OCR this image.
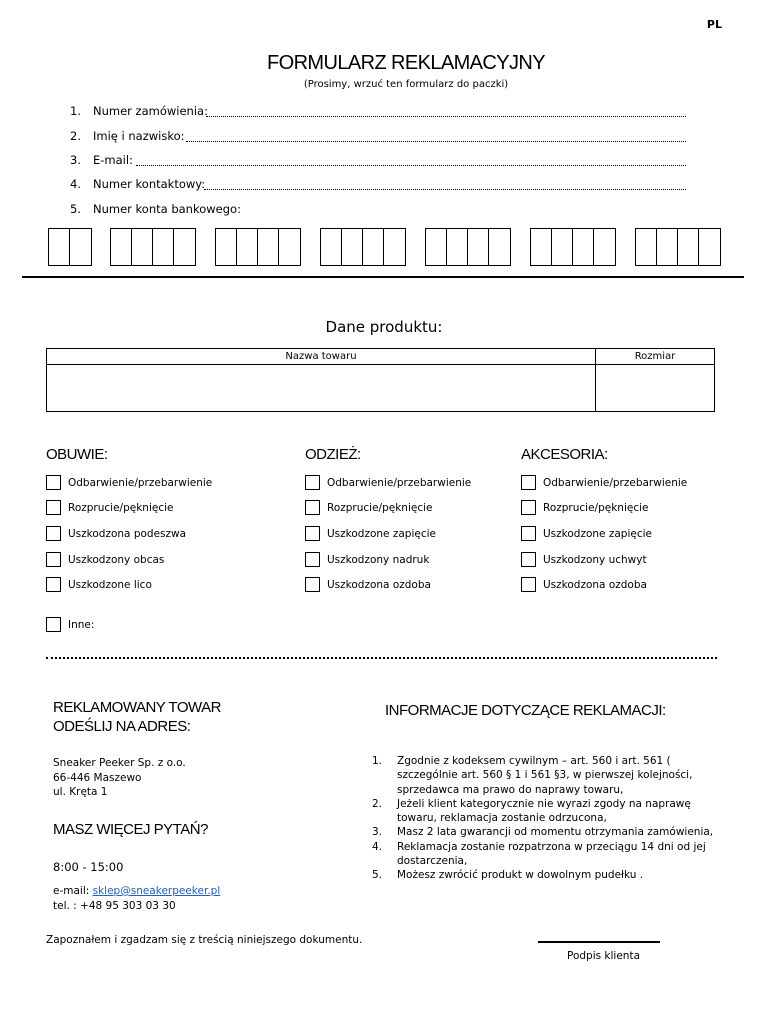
PL
FORMULARZ REKLAMACYJNY
(Prosimy, wrzuć ten formularz do paczki)
1. Numer zamówienia:
2. Imię i nazwisko:
3. E-mail:
4. Numer kontaktowy:
5. Numer konta bankowego:
Dane produktu:
Nazwa towaru	Rozmiar

OBUWIE:	ODZIEŻ:	AKCESORIA:
Odbarwienie/przebarwienie
Rozprucie/pęknięcie
Uszkodzona podeszwa
Uszkodzony obcas
Uszkodzone lico
Odbarwienie/przebarwienie
Rozprucie/pęknięcie
Uszkodzone zapięcie
Uszkodzony nadruk
Uszkodzona ozdoba
Odbarwienie/przebarwienie
Rozprucie/pęknięcie
Uszkodzone zapięcie
Uszkodzony uchwyt
Uszkodzona ozdoba
Inne:
REKLAMOWANY TOWAR
ODEŚLIJ NA ADRES:
Sneaker Peeker Sp. z o.o.
66-446 Maszewo
ul. Kręta 1
MASZ WIĘCEJ PYTAŃ?
8:00 - 15:00
e-mail: sklep@sneakerpeeker.pl
tel. : +48 95 303 03 30
INFORMACJE DOTYCZĄCE REKLAMACJI:
1.	Zgodnie z kodeksem cywilnym – art. 560 i art. 561 ( szczególnie art. 560 § 1 i 561 §3, w pierwszej kolejności, sprzedawca ma prawo do naprawy towaru,
2.	Jeżeli klient kategorycznie nie wyrazi zgody na naprawę towaru, reklamacja zostanie odrzucona,
3.	Masz 2 lata gwarancji od momentu otrzymania zamówienia,
4.	Reklamacja zostanie rozpatrzona w przeciągu 14 dni od jej dostarczenia,
5.	Możesz zwrócić produkt w dowolnym pudełku .
Zapoznałem i zgadzam się z treścią niniejszego dokumentu.
Podpis klienta
